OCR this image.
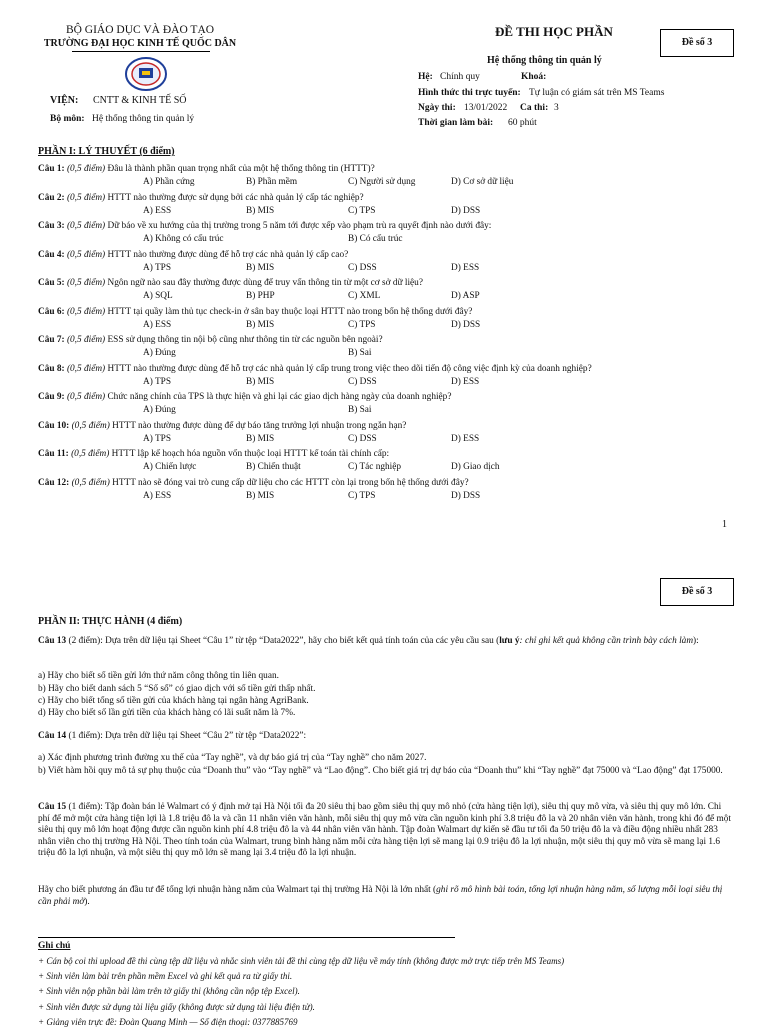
BỘ GIÁO DỤC VÀ ĐÀO TẠO
TRƯỜNG ĐẠI HỌC KINH TẾ QUỐC DÂN
VIỆN: CNTT & KINH TẾ SỐ
Bộ môn: Hệ thống thông tin quản lý
ĐỀ THI HỌC PHẦN
Đề số 3
Hệ thống thông tin quản lý
Hệ: Chính quy	Khoá:
Hình thức thi trực tuyến: Tự luận có giám sát trên MS Teams
Ngày thi: 13/01/2022 Ca thi: 3
Thời gian làm bài: 60 phút
PHẦN I: LÝ THUYẾT (6 điểm)
Câu 1: (0,5 điểm) Đâu là thành phần quan trọng nhất của một hệ thống thông tin (HTTT)?
A) Phần cứng	B) Phần mềm	C) Người sử dụng	D) Cơ sở dữ liệu
Câu 2: (0,5 điểm) HTTT nào thường được sử dụng bởi các nhà quản lý cấp tác nghiệp?
A) ESS	B) MIS	C) TPS	D) DSS
Câu 3: (0,5 điểm) Dữ báo về xu hướng của thị trường trong 5 năm tới được xếp vào phạm trù ra quyết định nào dưới đây:
A) Không có cấu trúc	B) Có cấu trúc
Câu 4: (0,5 điểm) HTTT nào thường được dùng để hỗ trợ các nhà quản lý cấp cao?
A) TPS	B) MIS	C) DSS	D) ESS
Câu 5: (0,5 điểm) Ngôn ngữ nào sau đây thường được dùng để truy vấn thông tin từ một cơ sở dữ liệu?
A) SQL	B) PHP	C) XML	D) ASP
Câu 6: (0,5 điểm) HTTT tại quầy làm thủ tục check-in ở sân bay thuộc loại HTTT nào trong bốn hệ thống dưới đây?
A) ESS	B) MIS	C) TPS	D) DSS
Câu 7: (0,5 điểm) ESS sử dụng thông tin nội bộ cũng như thông tin từ các nguồn bên ngoài?
A) Đúng	B) Sai
Câu 8: (0,5 điểm) HTTT nào thường được dùng để hỗ trợ các nhà quản lý cấp trung trong việc theo dõi tiến độ công việc định kỳ của doanh nghiệp?
A) TPS	B) MIS	C) DSS	D) ESS
Câu 9: (0,5 điểm) Chức năng chính của TPS là thực hiện và ghi lại các giao dịch hàng ngày của doanh nghiệp?
A) Đúng	B) Sai
Câu 10: (0,5 điểm) HTTT nào thường được dùng để dự báo tăng trưởng lợi nhuận trong ngắn hạn?
A) TPS	B) MIS	C) DSS	D) ESS
Câu 11: (0,5 điểm) HTTT lập kế hoạch hóa nguồn vốn thuộc loại HTTT kế toán tài chính cấp:
A) Chiến lược	B) Chiến thuật	C) Tác nghiệp	D) Giao dịch
Câu 12: (0,5 điểm) HTTT nào sẽ đóng vai trò cung cấp dữ liệu cho các HTTT còn lại trong bốn hệ thống dưới đây?
A) ESS	B) MIS	C) TPS	D) DSS
1
Đề số 3
PHẦN II: THỰC HÀNH (4 điểm)
Câu 13 (2 điểm): Dựa trên dữ liệu tại Sheet “Câu 1” từ tệp “Data2022”, hãy cho biết kết quả tính toán của các yêu cầu sau (lưu ý: chỉ ghi kết quả không cần trình bày cách làm):
a) Hãy cho biết số tiền gửi lớn thứ năm công thông tin liên quan.
b) Hãy cho biết danh sách 5 “Số sổ” có giao dịch với số tiền gửi thấp nhất.
c) Hãy cho biết tổng số tiền gửi của khách hàng tại ngân hàng AgriBank.
d) Hãy cho biết số lần gửi tiền của khách hàng có lãi suất năm là 7%.
Câu 14 (1 điểm): Dựa trên dữ liệu tại Sheet “Câu 2” từ tệp “Data2022”:
a) Xác định phương trình đường xu thế của “Tay nghề”, và dự báo giá trị của “Tay nghề” cho năm 2027.
b) Viết hàm hồi quy mô tả sự phụ thuộc của “Doanh thu” vào “Tay nghề” và “Lao động”. Cho biết giá trị dự báo của “Doanh thu” khi “Tay nghề” đạt 75000 và “Lao động” đạt 175000.
Câu 15 (1 điểm): Tập đoàn bán lẻ Walmart có ý định mở tại Hà Nội tối đa 20 siêu thị bao gồm siêu thị quy mô nhỏ (cửa hàng tiện lợi), siêu thị quy mô vừa, và siêu thị quy mô lớn. Chi phí để mở một cửa hàng tiện lợi là 1.8 triệu đô la và cần 11 nhân viên văn hành, mỗi siêu thị quy mô vừa cần nguồn kinh phí 3.8 triệu đô la và 20 nhân viên văn hành, trong khi đó để một siêu thị quy mô lớn hoạt động được cần nguồn kinh phí 4.8 triệu đô la và 44 nhân viên văn hành. Tập đoàn Walmart dự kiến sẽ đầu tư tối đa 50 triệu đô la và điều động nhiều nhất 283 nhân viên cho thị trường Hà Nội. Theo tính toán của Walmart, trung bình hàng năm mỗi cửa hàng tiện lợi sẽ mang lại 0.9 triệu đô la lợi nhuận, một siêu thị quy mô vừa sẽ mang lại 1.6 triệu đô la lợi nhuận, và một siêu thị quy mô lớn sẽ mang lại 3.4 triệu đô la lợi nhuận.
Hãy cho biết phương án đầu tư để tổng lợi nhuận hàng năm của Walmart tại thị trường Hà Nội là lớn nhất (ghi rõ mô hình bài toán, tổng lợi nhuận hàng năm, số lượng mỗi loại siêu thị cần phải mở).
Ghi chú
+ Cán bộ coi thi upload đề thi cùng tệp dữ liệu và nhắc sinh viên tải đề thi cùng tệp dữ liệu về máy tính (không được mở trực tiếp trên MS Teams)
+ Sinh viên làm bài trên phần mềm Excel và ghi kết quả ra từ giấy thi.
+ Sinh viên nộp phần bài làm trên tờ giấy thi (không cần nộp tệp Excel).
+ Sinh viên được sử dụng tài liệu giấy (không được sử dụng tài liệu điện tử).
+ Giảng viên trực đề: Đoàn Quang Minh — Số điện thoại: 0377885769
